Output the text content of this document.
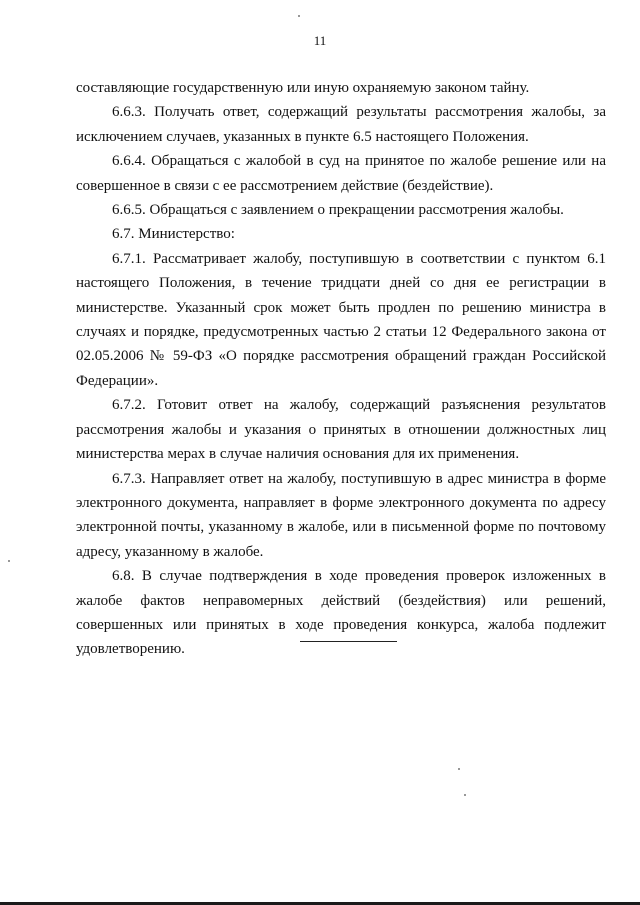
11

составляющие государственную или иную охраняемую законом тайну.

6.6.3. Получать ответ, содержащий результаты рассмотрения жалобы, за исключением случаев, указанных в пункте 6.5 настоящего Положения.

6.6.4. Обращаться с жалобой в суд на принятое по жалобе решение или на совершенное в связи с ее рассмотрением действие (бездействие).

6.6.5. Обращаться с заявлением о прекращении рассмотрения жалобы.

6.7. Министерство:

6.7.1. Рассматривает жалобу, поступившую в соответствии с пунктом 6.1 настоящего Положения, в течение тридцати дней со дня ее регистрации в министерстве. Указанный срок может быть продлен по решению министра в случаях и порядке, предусмотренных частью 2 статьи 12 Федерального закона от 02.05.2006 № 59-ФЗ «О порядке рассмотрения обращений граждан Российской Федерации».

6.7.2. Готовит ответ на жалобу, содержащий разъяснения результатов рассмотрения жалобы и указания о принятых в отношении должностных лиц министерства мерах в случае наличия основания для их применения.

6.7.3. Направляет ответ на жалобу, поступившую в адрес министра в форме электронного документа, направляет в форме электронного документа по адресу электронной почты, указанному в жалобе, или в письменной форме по почтовому адресу, указанному в жалобе.

6.8. В случае подтверждения в ходе проведения проверок изложенных в жалобе фактов неправомерных действий (бездействия) или решений, совершенных или принятых в ходе проведения конкурса, жалоба подлежит удовлетворению.
